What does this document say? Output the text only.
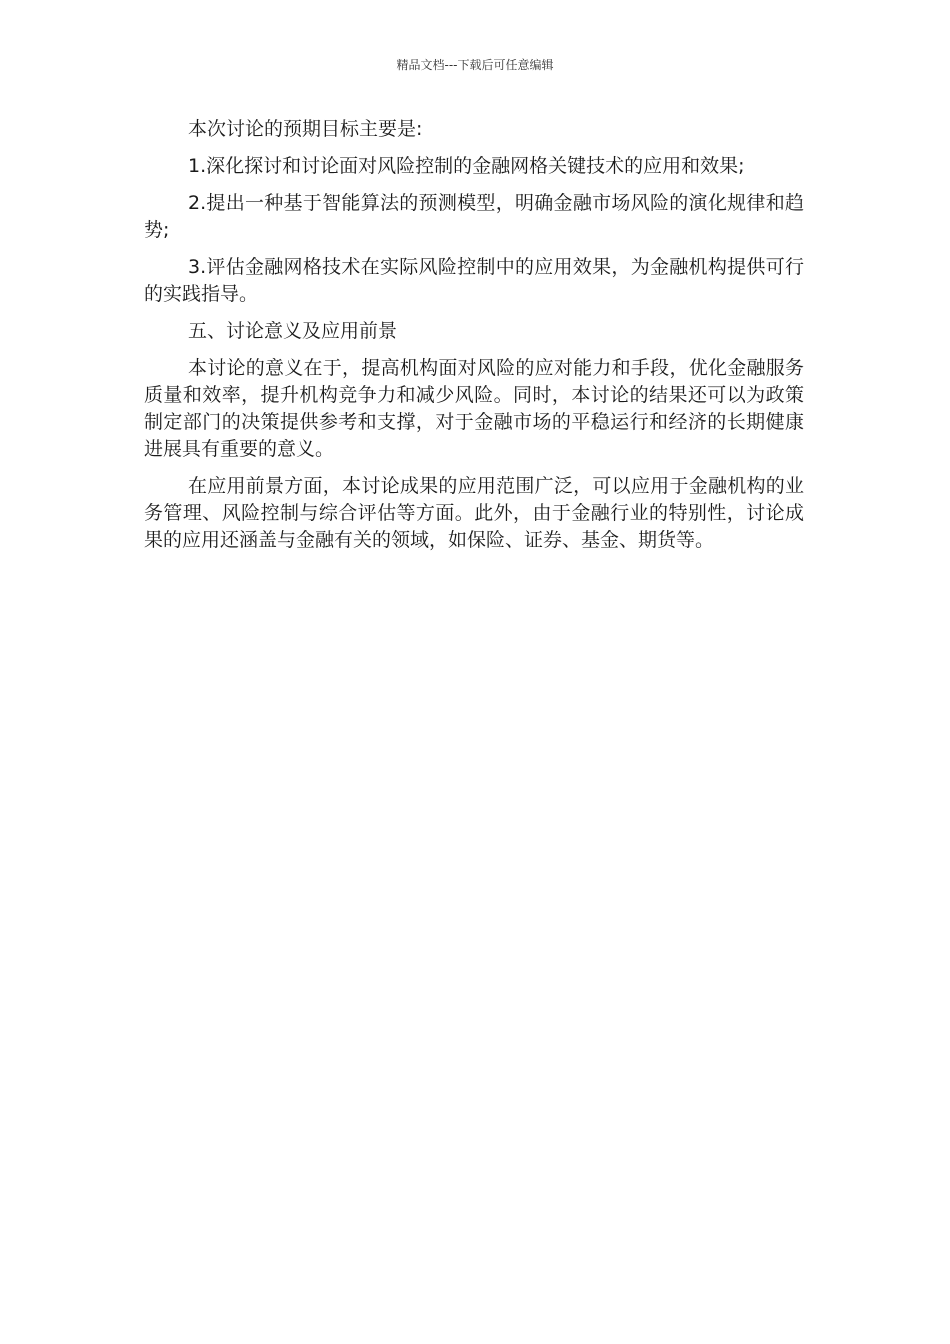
精品文档---下载后可任意编辑

本次讨论的预期目标主要是:

1.深化探讨和讨论面对风险控制的金融网格关键技术的应用和效果;

2.提出一种基于智能算法的预测模型，明确金融市场风险的演化规律和趋势;

3.评估金融网格技术在实际风险控制中的应用效果，为金融机构提供可行的实践指导。

五、讨论意义及应用前景

本讨论的意义在于，提高机构面对风险的应对能力和手段，优化金融服务质量和效率，提升机构竞争力和减少风险。同时，本讨论的结果还可以为政策制定部门的决策提供参考和支撑，对于金融市场的平稳运行和经济的长期健康进展具有重要的意义。

在应用前景方面，本讨论成果的应用范围广泛，可以应用于金融机构的业务管理、风险控制与综合评估等方面。此外，由于金融行业的特别性，讨论成果的应用还涵盖与金融有关的领域，如保险、证券、基金、期货等。
